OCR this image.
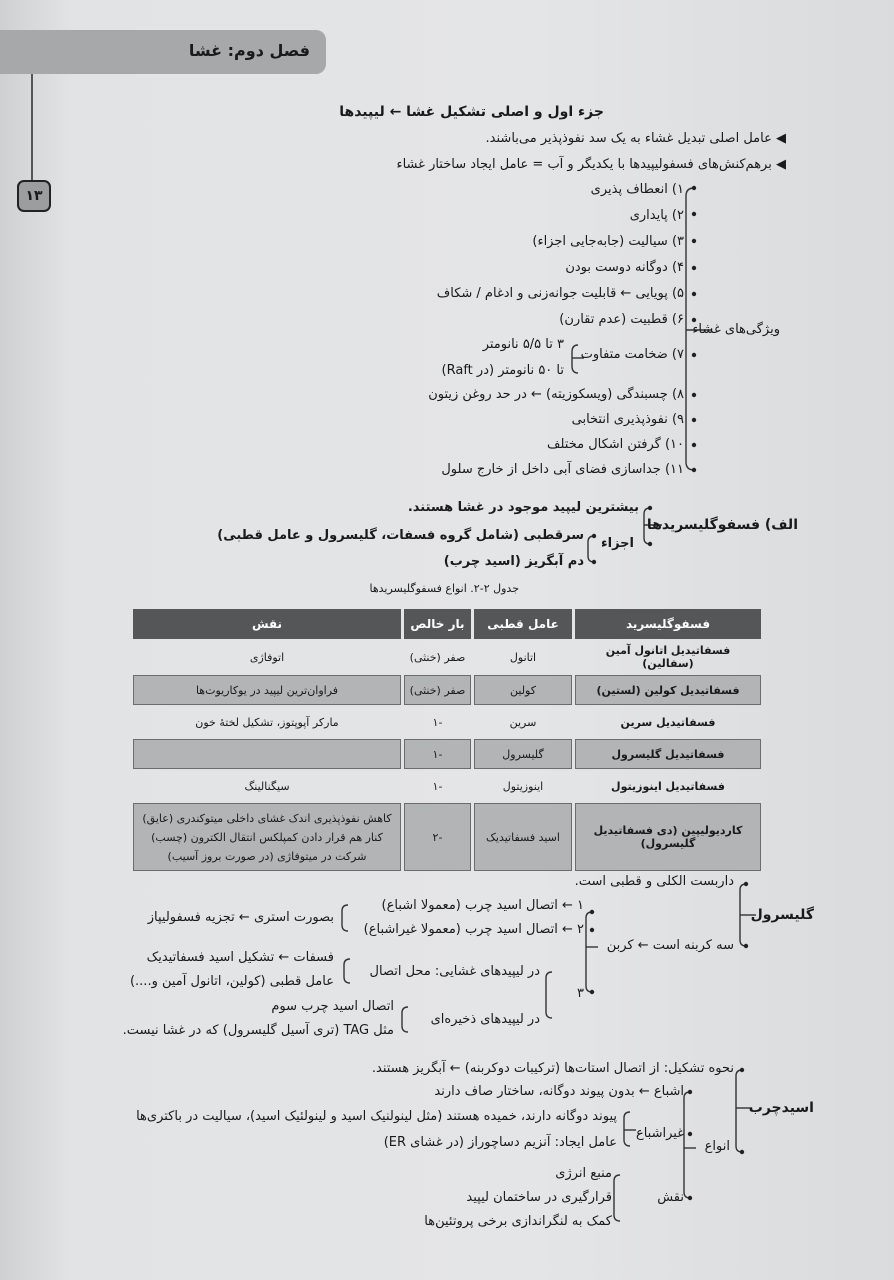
فصل دوم: غشا
۱۳
جزء اول و اصلی تشکیل غشا ← لیپیدها
◀ عامل اصلی تبدیل غشاء به یک سد نفوذپذیر می‌باشند.
◀ برهم‌کنش‌های فسفولیپیدها با یکدیگر و آب = عامل ایجاد ساختار غشاء
۱) انعطاف پذیری
۲) پایداری
۳) سیالیت (جابه‌جایی اجزاء)
۴) دوگانه دوست بودن
۵) پویایی ← قابلیت جوانه‌زنی و ادغام / شکاف
۶) قطبیت (عدم تقارن)
۷) ضخامت متفاوت
۳ تا ۵/۵ نانومتر
تا ۵۰ نانومتر (در Raft)
۸) چسبندگی (ویسکوزیته) ← در حد روغن زیتون
۹) نفوذپذیری انتخابی
۱۰) گرفتن اشکال مختلف
۱۱) جداسازی فضای آبی داخل از خارج سلول
ویژگی‌های غشاء
الف) فسفوگلیسریدها
بیشترین لیپید موجود در غشا هستند.
اجزاء
سرقطبی (شامل گروه فسفات، گلیسرول و عامل قطبی)
دم آبگریز (اسید چرب)
جدول ۲-۲. انواع فسفوگلیسریدها
فسفوگلیسرید	عامل قطبی	بار خالص	نقش
فسفاتیدیل اتانول آمین (سفالین)	اتانول	صفر (خنثی)	اتوفاژی
فسفاتیدیل کولین (لستین)	کولین	صفر (خنثی)	فراوان‌ترین لیپید در یوکاریوت‌ها
فسفاتیدیل سرین	سرین	-۱	مارکر آپوپتوز، تشکیل لختهٔ خون
فسفاتیدیل گلیسرول	گلیسرول	-۱	
فسفاتیدیل اینوزیتول	اینوزیتول	-۱	سیگنالینگ
کاردیولیپین (دی فسفاتیدیل گلیسرول)	اسید فسفاتیدیک	-۲	کاهش نفوذپذیری اندک غشای داخلی میتوکندری (عایق) کنار هم قرار دادن کمپلکس انتقال الکترون (چسب) شرکت در میتوفاژی (در صورت بروز آسیب)
گلیسرول
داربست الکلی و قطبی است.
سه کربنه است ← کربن
۱ ← اتصال اسید چرب (معمولا اشباع)
۲ ← اتصال اسید چرب (معمولا غیراشباع)
بصورت استری ← تجزیه فسفولیپاز
۳
در لیپیدهای غشایی: محل اتصال
فسفات ← تشکیل اسید فسفاتیدیک
عامل قطبی (کولین، اتانول آمین و....)
در لیپیدهای ذخیره‌ای
اتصال اسید چرب سوم
مثل TAG (تری آسیل گلیسرول) که در غشا نیست.
اسیدچرب
نحوه تشکیل: از اتصال استات‌ها (ترکیبات دوکربنه) ← آبگریز هستند.
انواع
اشباع ← بدون پیوند دوگانه، ساختار صاف دارند
غیراشباع
پیوند دوگانه دارند، خمیده هستند (مثل لینولنیک اسید و لینولئیک اسید)، سیالیت در باکتری‌ها
عامل ایجاد: آنزیم دساچوراز (در غشای ER)
نقش
منبع انرژی
قرارگیری در ساختمان لیپید
کمک به لنگراندازی برخی پروتئین‌ها
